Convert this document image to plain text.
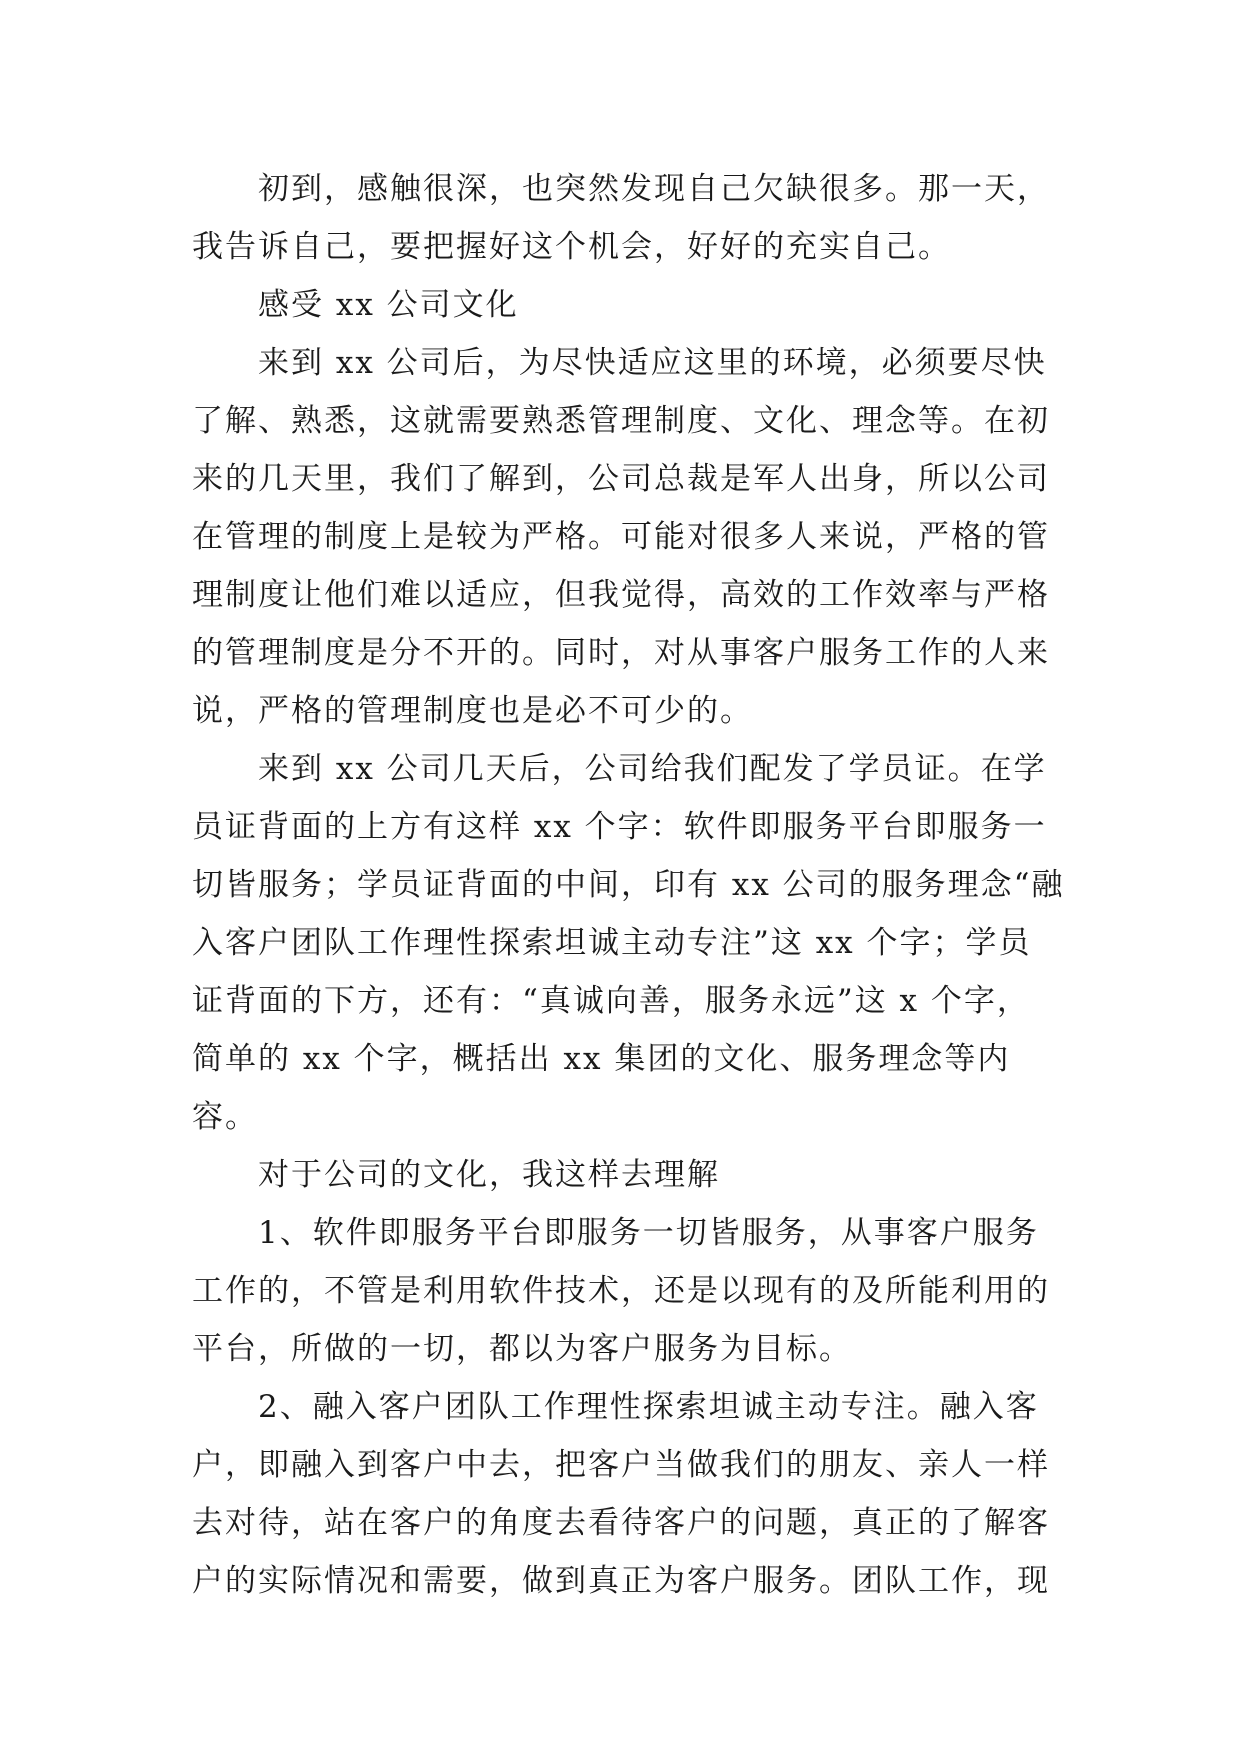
初到，感触很深，也突然发现自己欠缺很多。那一天，
我告诉自己，要把握好这个机会，好好的充实自己。

感受 xx 公司文化

来到 xx 公司后，为尽快适应这里的环境，必须要尽快
了解、熟悉，这就需要熟悉管理制度、文化、理念等。在初
来的几天里，我们了解到，公司总裁是军人出身，所以公司
在管理的制度上是较为严格。可能对很多人来说，严格的管
理制度让他们难以适应，但我觉得，高效的工作效率与严格
的管理制度是分不开的。同时，对从事客户服务工作的人来
说，严格的管理制度也是必不可少的。

来到 xx 公司几天后，公司给我们配发了学员证。在学
员证背面的上方有这样 xx 个字：软件即服务平台即服务一
切皆服务；学员证背面的中间，印有 xx 公司的服务理念“融
入客户团队工作理性探索坦诚主动专注”这 xx 个字；学员
证背面的下方，还有：“真诚向善，服务永远”这 x 个字，
简单的 xx 个字，概括出 xx 集团的文化、服务理念等内容。

对于公司的文化，我这样去理解

1、软件即服务平台即服务一切皆服务，从事客户服务
工作的，不管是利用软件技术，还是以现有的及所能利用的
平台，所做的一切，都以为客户服务为目标。

2、融入客户团队工作理性探索坦诚主动专注。融入客
户，即融入到客户中去，把客户当做我们的朋友、亲人一样
去对待，站在客户的角度去看待客户的问题，真正的了解客
户的实际情况和需要，做到真正为客户服务。团队工作，现
